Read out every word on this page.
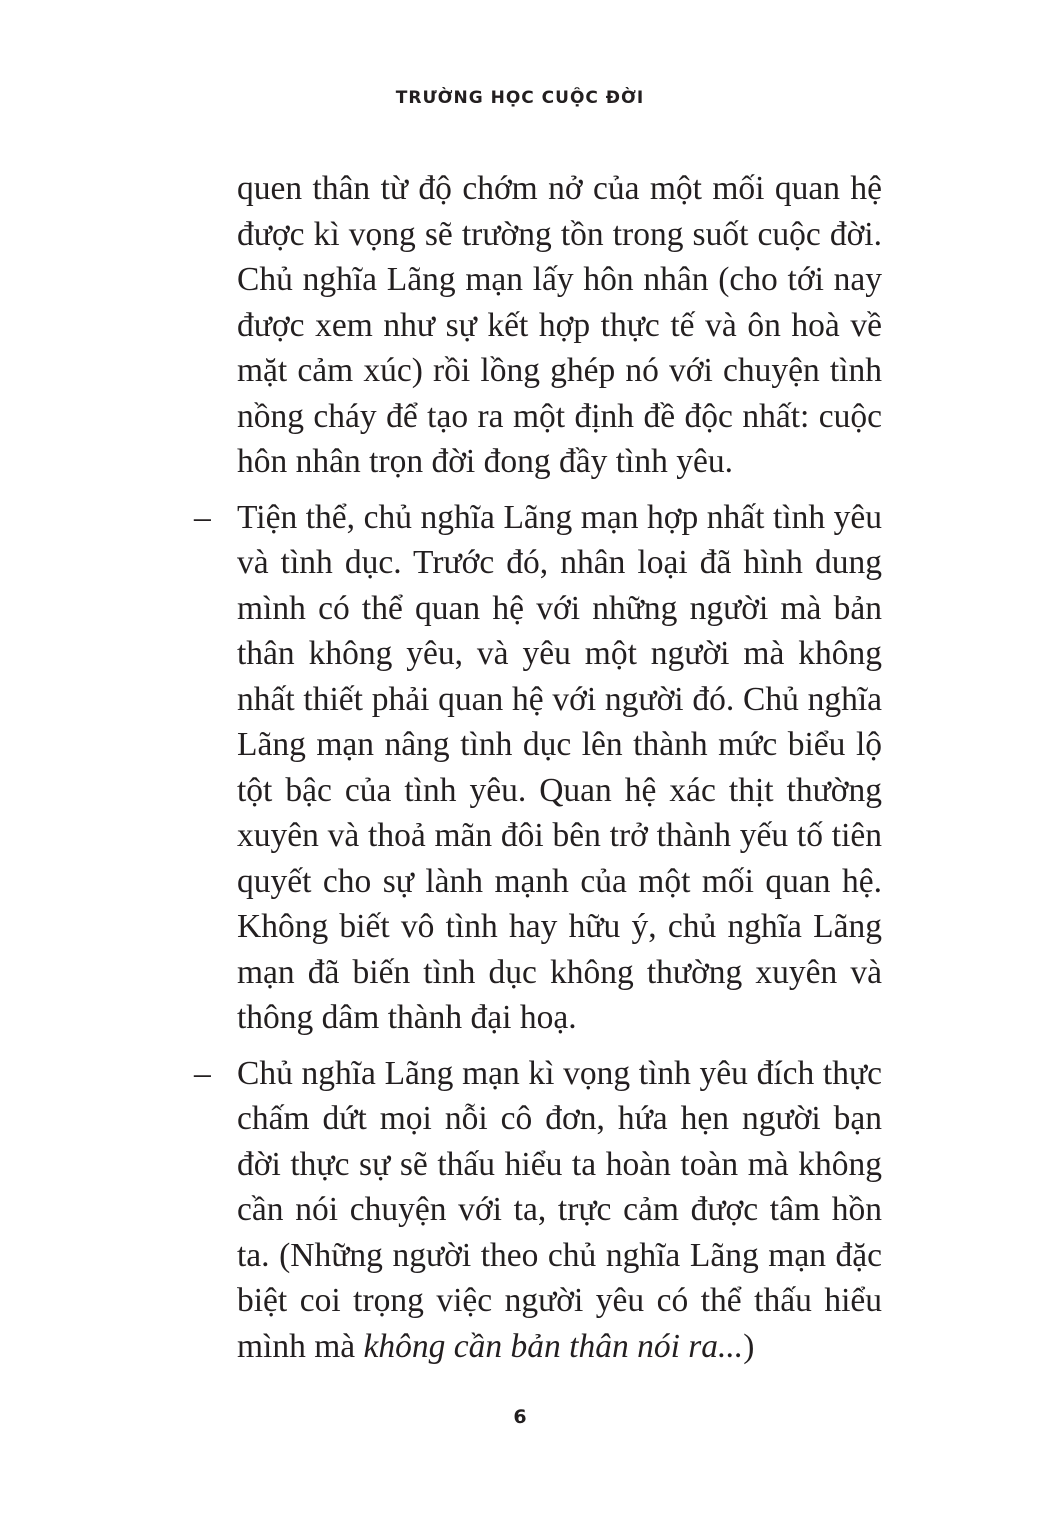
TRƯỜNG HỌC CUỘC ĐỜI

quen thân từ độ chớm nở của một mối quan hệ được kì vọng sẽ trường tồn trong suốt cuộc đời. Chủ nghĩa Lãng mạn lấy hôn nhân (cho tới nay được xem như sự kết hợp thực tế và ôn hoà về mặt cảm xúc) rồi lồng ghép nó với chuyện tình nồng cháy để tạo ra một định đề độc nhất: cuộc hôn nhân trọn đời đong đầy tình yêu.

– Tiện thể, chủ nghĩa Lãng mạn hợp nhất tình yêu và tình dục. Trước đó, nhân loại đã hình dung mình có thể quan hệ với những người mà bản thân không yêu, và yêu một người mà không nhất thiết phải quan hệ với người đó. Chủ nghĩa Lãng mạn nâng tình dục lên thành mức biểu lộ tột bậc của tình yêu. Quan hệ xác thịt thường xuyên và thoả mãn đôi bên trở thành yếu tố tiên quyết cho sự lành mạnh của một mối quan hệ. Không biết vô tình hay hữu ý, chủ nghĩa Lãng mạn đã biến tình dục không thường xuyên và thông dâm thành đại hoạ.

– Chủ nghĩa Lãng mạn kì vọng tình yêu đích thực chấm dứt mọi nỗi cô đơn, hứa hẹn người bạn đời thực sự sẽ thấu hiểu ta hoàn toàn mà không cần nói chuyện với ta, trực cảm được tâm hồn ta. (Những người theo chủ nghĩa Lãng mạn đặc biệt coi trọng việc người yêu có thể thấu hiểu mình mà không cần bản thân nói ra...)

6
